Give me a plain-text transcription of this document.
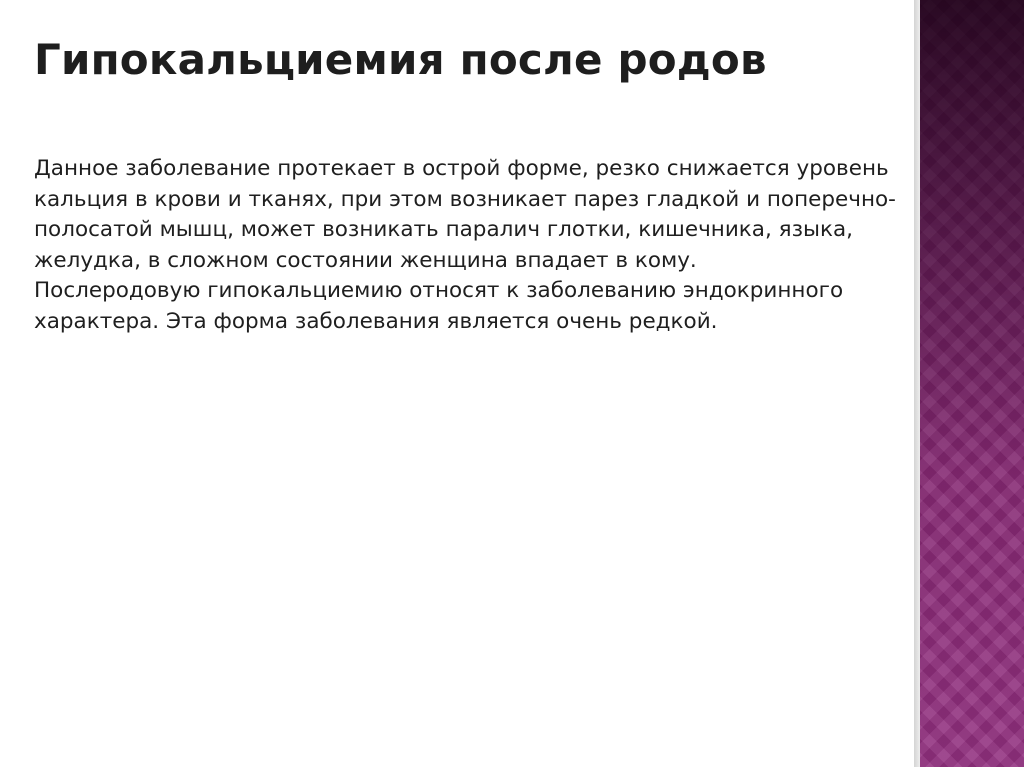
Гипокальциемия после родов

Данное заболевание протекает в острой форме, резко снижается уровень кальция в крови и тканях, при этом возникает парез гладкой и поперечно-полосатой мышц, может возникать паралич глотки, кишечника, языка, желудка, в сложном состоянии женщина впадает в кому.

Послеродовую гипокальциемию относят к заболеванию эндокринного характера. Эта форма заболевания является очень редкой.
